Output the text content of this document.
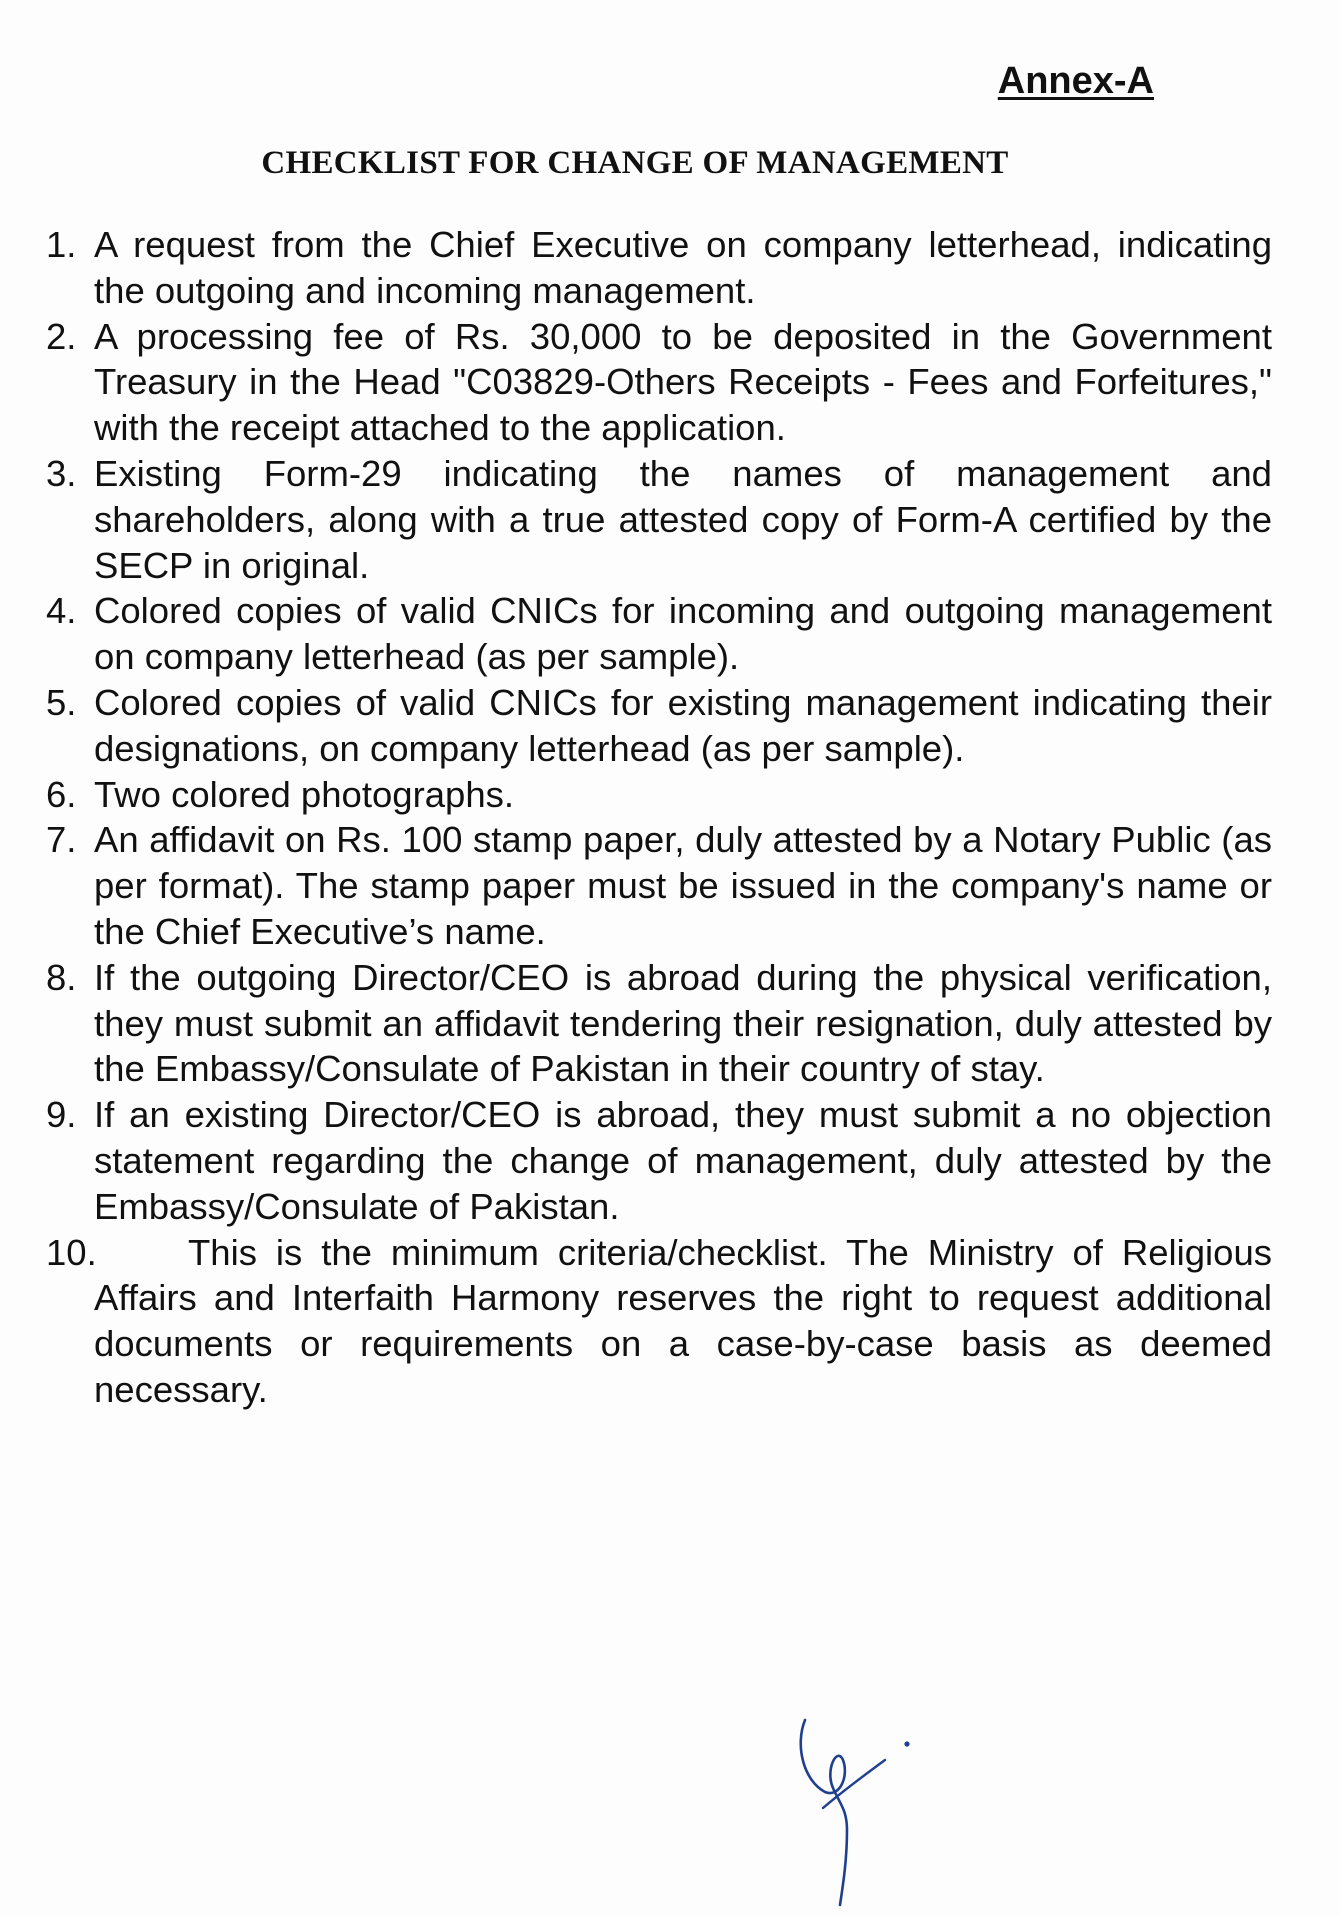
Annex-A
CHECKLIST FOR CHANGE OF MANAGEMENT
1. A request from the Chief Executive on company letterhead, indicating the outgoing and incoming management.
2. A processing fee of Rs. 30,000 to be deposited in the Government Treasury in the Head "C03829-Others Receipts - Fees and Forfeitures," with the receipt attached to the application.
3. Existing Form-29 indicating the names of management and shareholders, along with a true attested copy of Form-A certified by the SECP in original.
4. Colored copies of valid CNICs for incoming and outgoing management on company letterhead (as per sample).
5. Colored copies of valid CNICs for existing management indicating their designations, on company letterhead (as per sample).
6. Two colored photographs.
7. An affidavit on Rs. 100 stamp paper, duly attested by a Notary Public (as per format). The stamp paper must be issued in the company's name or the Chief Executive’s name.
8. If the outgoing Director/CEO is abroad during the physical verification, they must submit an affidavit tendering their resignation, duly attested by the Embassy/Consulate of Pakistan in their country of stay.
9. If an existing Director/CEO is abroad, they must submit a no objection statement regarding the change of management, duly attested by the Embassy/Consulate of Pakistan.
10.	This is the minimum criteria/checklist. The Ministry of Religious Affairs and Interfaith Harmony reserves the right to request additional documents or requirements on a case-by-case basis as deemed necessary.
